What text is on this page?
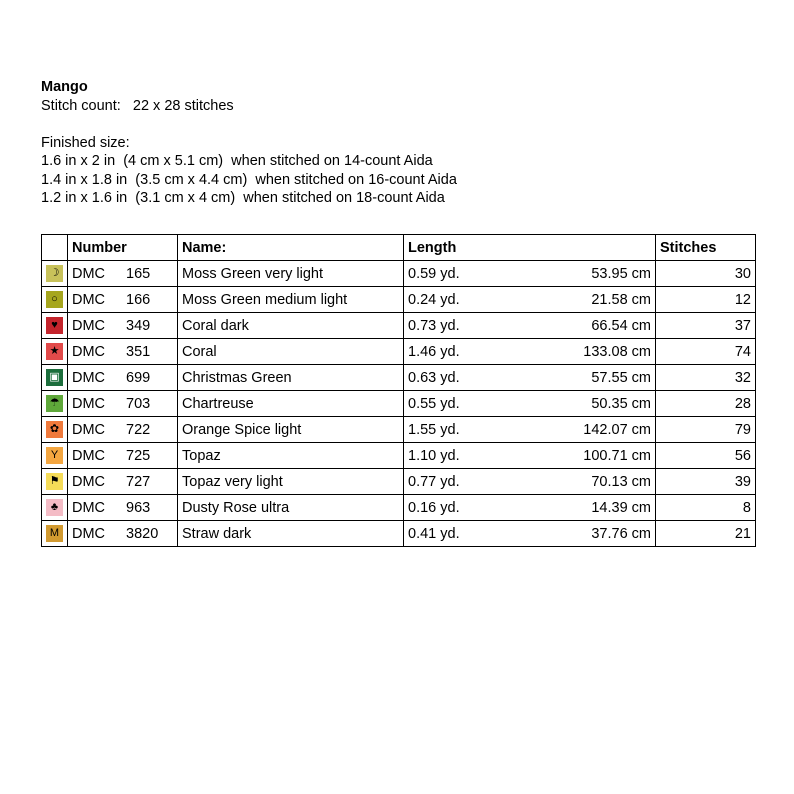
Mango
Stitch count:   22 x 28 stitches
Finished size:
1.6 in x 2 in  (4 cm x 5.1 cm)  when stitched on 14-count Aida
1.4 in x 1.8 in  (3.5 cm x 4.4 cm)  when stitched on 16-count Aida
1.2 in x 1.6 in  (3.1 cm x 4 cm)  when stitched on 18-count Aida
	Number	Name:	Length	Stitches
☽	DMC 165	Moss Green very light	0.59 yd. 53.95 cm	30
○	DMC 166	Moss Green medium light	0.24 yd. 21.58 cm	12
♥	DMC 349	Coral dark	0.73 yd. 66.54 cm	37
★	DMC 351	Coral	1.46 yd. 133.08 cm	74
▣	DMC 699	Christmas Green	0.63 yd. 57.55 cm	32
☂	DMC 703	Chartreuse	0.55 yd. 50.35 cm	28
✿	DMC 722	Orange Spice light	1.55 yd. 142.07 cm	79
Y	DMC 725	Topaz	1.10 yd. 100.71 cm	56
⚑	DMC 727	Topaz very light	0.77 yd. 70.13 cm	39
♣	DMC 963	Dusty Rose ultra	0.16 yd. 14.39 cm	8
M	DMC 3820	Straw dark	0.41 yd. 37.76 cm	21
